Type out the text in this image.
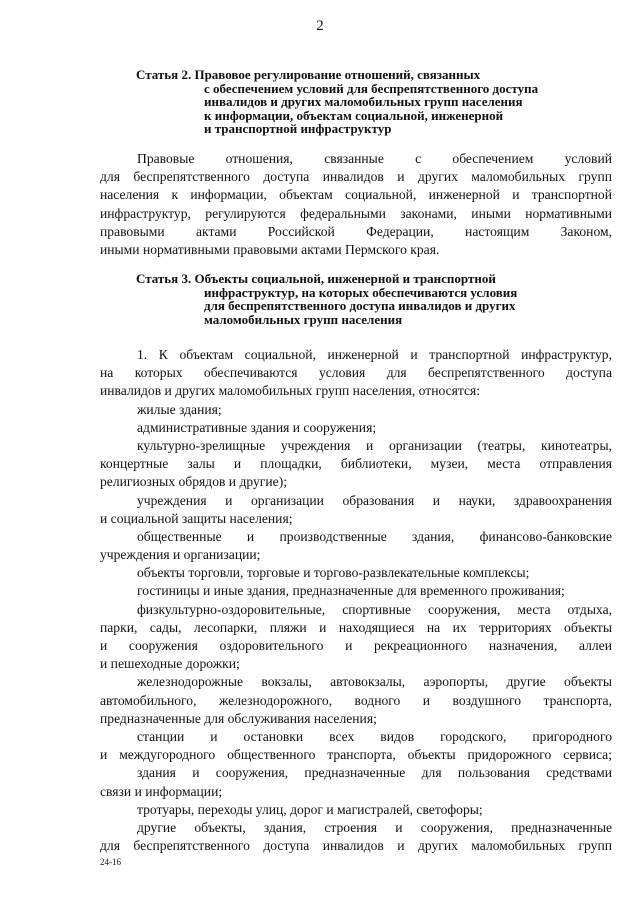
2
Статья 2. Правовое регулирование отношений, связанных
с обеспечением условий для беспрепятственного доступа
инвалидов и других маломобильных групп населения
к информации, объектам социальной, инженерной
и транспортной инфраструктур
Правовые отношения, связанные с обеспечением условий
для беспрепятственного доступа инвалидов и других маломобильных групп
населения к информации, объектам социальной, инженерной и транспортной
инфраструктур, регулируются федеральными законами, иными нормативными
правовыми актами Российской Федерации, настоящим Законом,
иными нормативными правовыми актами Пермского края.
Статья 3. Объекты социальной, инженерной и транспортной
инфраструктур, на которых обеспечиваются условия
для беспрепятственного доступа инвалидов и других
маломобильных групп населения
1. К объектам социальной, инженерной и транспортной инфраструктур,
на которых обеспечиваются условия для беспрепятственного доступа
инвалидов и других маломобильных групп населения, относятся:
жилые здания;
административные здания и сооружения;
культурно-зрелищные учреждения и организации (театры, кинотеатры,
концертные залы и площадки, библиотеки, музеи, места отправления
религиозных обрядов и другие);
учреждения и организации образования и науки, здравоохранения
и социальной защиты населения;
общественные и производственные здания, финансово-банковские
учреждения и организации;
объекты торговли, торговые и торгово-развлекательные комплексы;
гостиницы и иные здания, предназначенные для временного проживания;
физкультурно-оздоровительные, спортивные сооружения, места отдыха,
парки, сады, лесопарки, пляжи и находящиеся на их территориях объекты
и сооружения оздоровительного и рекреационного назначения, аллеи
и пешеходные дорожки;
железнодорожные вокзалы, автовокзалы, аэропорты, другие объекты
автомобильного, железнодорожного, водного и воздушного транспорта,
предназначенные для обслуживания населения;
станции и остановки всех видов городского, пригородного
и междугородного общественного транспорта, объекты придорожного сервиса;
здания и сооружения, предназначенные для пользования средствами
связи и информации;
тротуары, переходы улиц, дорог и магистралей, светофоры;
другие объекты, здания, строения и сооружения, предназначенные
для беспрепятственного доступа инвалидов и других маломобильных групп
24-16
